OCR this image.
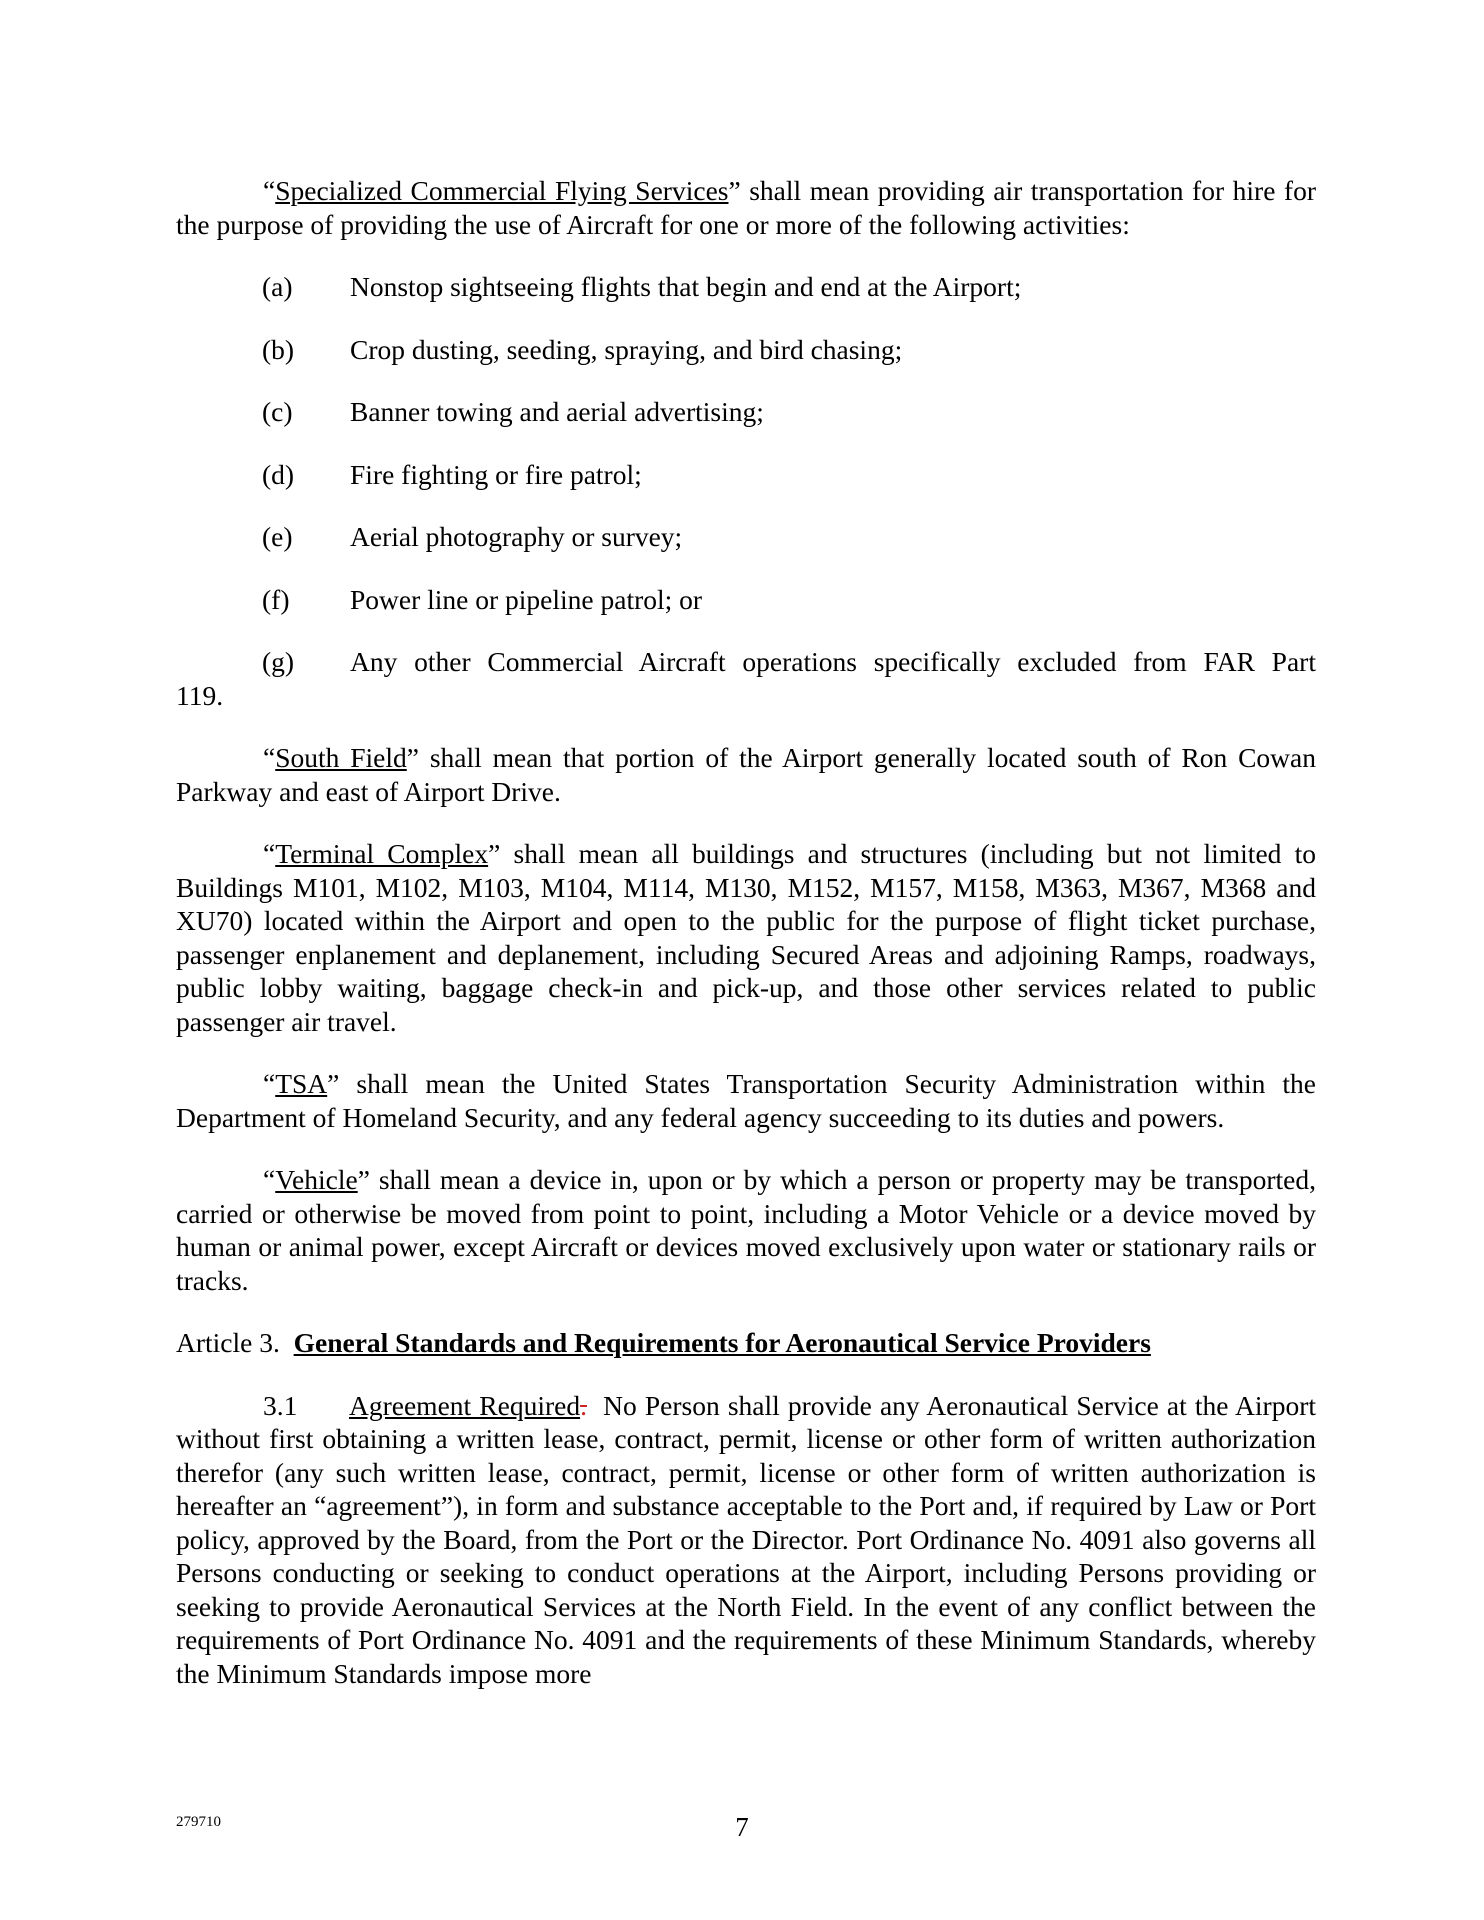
“Specialized Commercial Flying Services” shall mean providing air transportation for hire for the purpose of providing the use of Aircraft for one or more of the following activities:

(a)	Nonstop sightseeing flights that begin and end at the Airport;
(b)	Crop dusting, seeding, spraying, and bird chasing;
(c)	Banner towing and aerial advertising;
(d)	Fire fighting or fire patrol;
(e)	Aerial photography or survey;
(f)	Power line or pipeline patrol; or
(g)	Any other Commercial Aircraft operations specifically excluded from FAR Part
119.

“South Field” shall mean that portion of the Airport generally located south of Ron Cowan Parkway and east of Airport Drive.

“Terminal Complex” shall mean all buildings and structures (including but not limited to Buildings M101, M102, M103, M104, M114, M130, M152, M157, M158, M363, M367, M368 and XU70) located within the Airport and open to the public for the purpose of flight ticket purchase, passenger enplanement and deplanement, including Secured Areas and adjoining Ramps, roadways, public lobby waiting, baggage check-in and pick-up, and those other services related to public passenger air travel.

“TSA” shall mean the United States Transportation Security Administration within the Department of Homeland Security, and any federal agency succeeding to its duties and powers.

“Vehicle” shall mean a device in, upon or by which a person or property may be transported, carried or otherwise be moved from point to point, including a Motor Vehicle or a device moved by human or animal power, except Aircraft or devices moved exclusively upon water or stationary rails or tracks.

Article 3. General Standards and Requirements for Aeronautical Service Providers

3.1 Agreement Required. No Person shall provide any Aeronautical Service at the Airport without first obtaining a written lease, contract, permit, license or other form of written authorization therefor (any such written lease, contract, permit, license or other form of written authorization is hereafter an “agreement”), in form and substance acceptable to the Port and, if required by Law or Port policy, approved by the Board, from the Port or the Director. Port Ordinance No. 4091 also governs all Persons conducting or seeking to conduct operations at the Airport, including Persons providing or seeking to provide Aeronautical Services at the North Field. In the event of any conflict between the requirements of Port Ordinance No. 4091 and the requirements of these Minimum Standards, whereby the Minimum Standards impose more

279710	7
